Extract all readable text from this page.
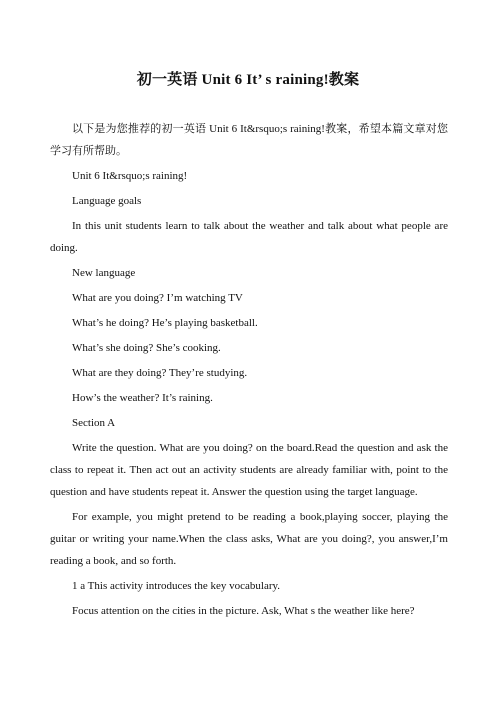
初一英语 Unit 6 It’ s raining!教案

以下是为您推荐的初一英语 Unit 6 It&rsquo;s raining!教案，希望本篇文章对您学习有所帮助。

Unit 6 It&rsquo;s raining!

Language goals

In this unit students learn to talk about the weather and talk about what people are doing.

New language

What are you doing? I’m watching TV

What’s he doing? He’s playing basketball.

What’s she doing? She’s cooking.

What are they doing? They’re studying.

How’s the weather? It’s raining.

Section A

Write the question. What are you doing? on the board.Read the question and ask the class to repeat it. Then act out an activity students are already familiar with, point to the question and have students repeat it. Answer the question using the target language.

For example, you might pretend to be reading a book,playing soccer, playing the guitar or writing your name.When the class asks, What are you doing?, you answer,I’m reading a book, and so forth.

1 a This activity introduces the key vocabulary.

Focus attention on the cities in the picture. Ask, What s the weather like here?
